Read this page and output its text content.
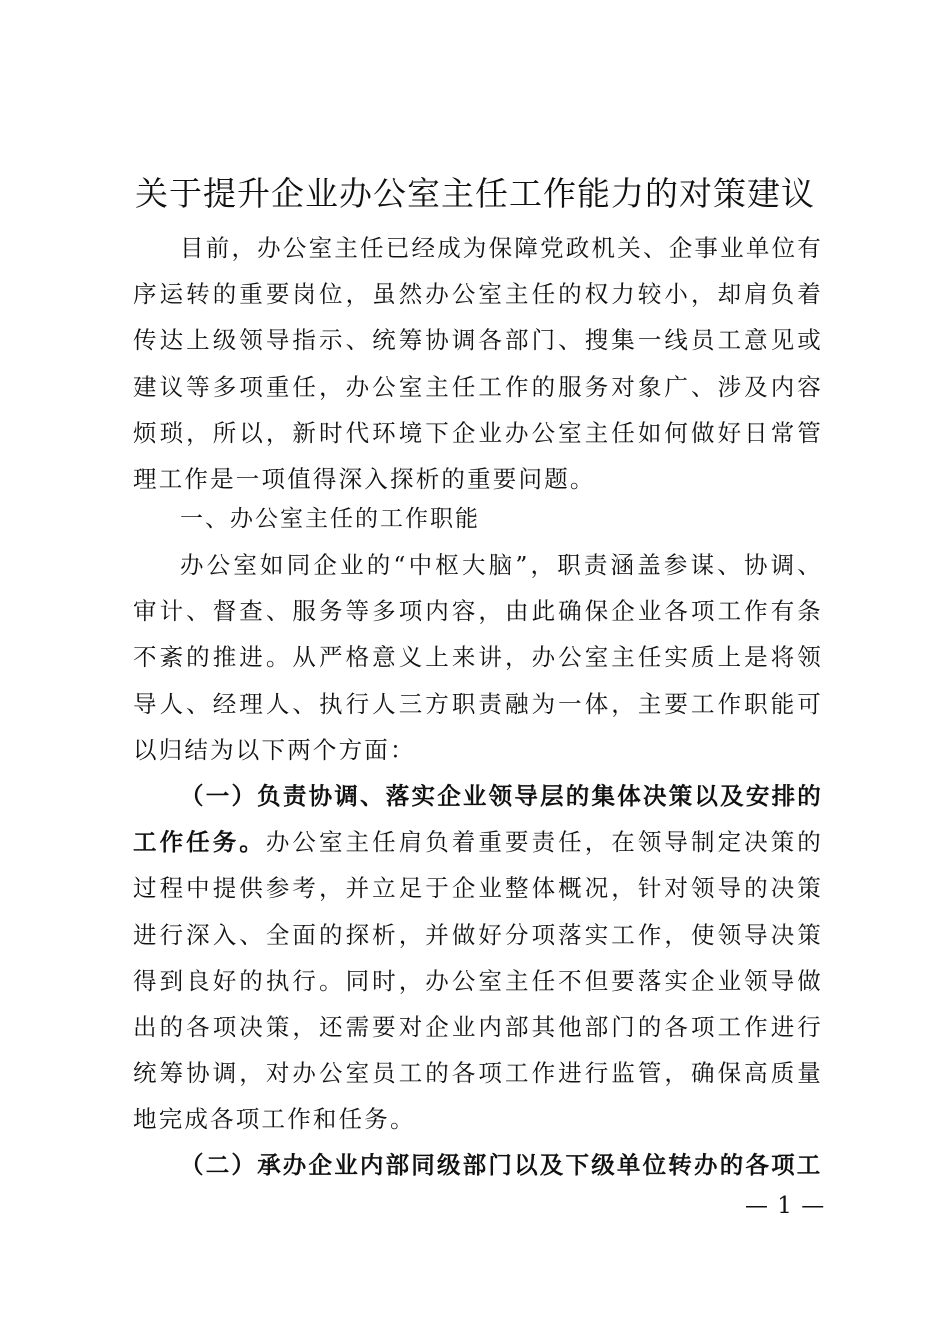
关于提升企业办公室主任工作能力的对策建议

目前，办公室主任已经成为保障党政机关、企事业单位有序运转的重要岗位，虽然办公室主任的权力较小，却肩负着传达上级领导指示、统筹协调各部门、搜集一线员工意见或建议等多项重任，办公室主任工作的服务对象广、涉及内容烦琐，所以，新时代环境下企业办公室主任如何做好日常管理工作是一项值得深入探析的重要问题。

一、办公室主任的工作职能

办公室如同企业的“中枢大脑”，职责涵盖参谋、协调、审计、督查、服务等多项内容，由此确保企业各项工作有条不紊的推进。从严格意义上来讲，办公室主任实质上是将领导人、经理人、执行人三方职责融为一体，主要工作职能可以归结为以下两个方面：

（一）负责协调、落实企业领导层的集体决策以及安排的工作任务。办公室主任肩负着重要责任，在领导制定决策的过程中提供参考，并立足于企业整体概况，针对领导的决策进行深入、全面的探析，并做好分项落实工作，使领导决策得到良好的执行。同时，办公室主任不但要落实企业领导做出的各项决策，还需要对企业内部其他部门的各项工作进行统筹协调，对办公室员工的各项工作进行监管，确保高质量地完成各项工作和任务。

（二）承办企业内部同级部门以及下级单位转办的各项工

— 1 —
